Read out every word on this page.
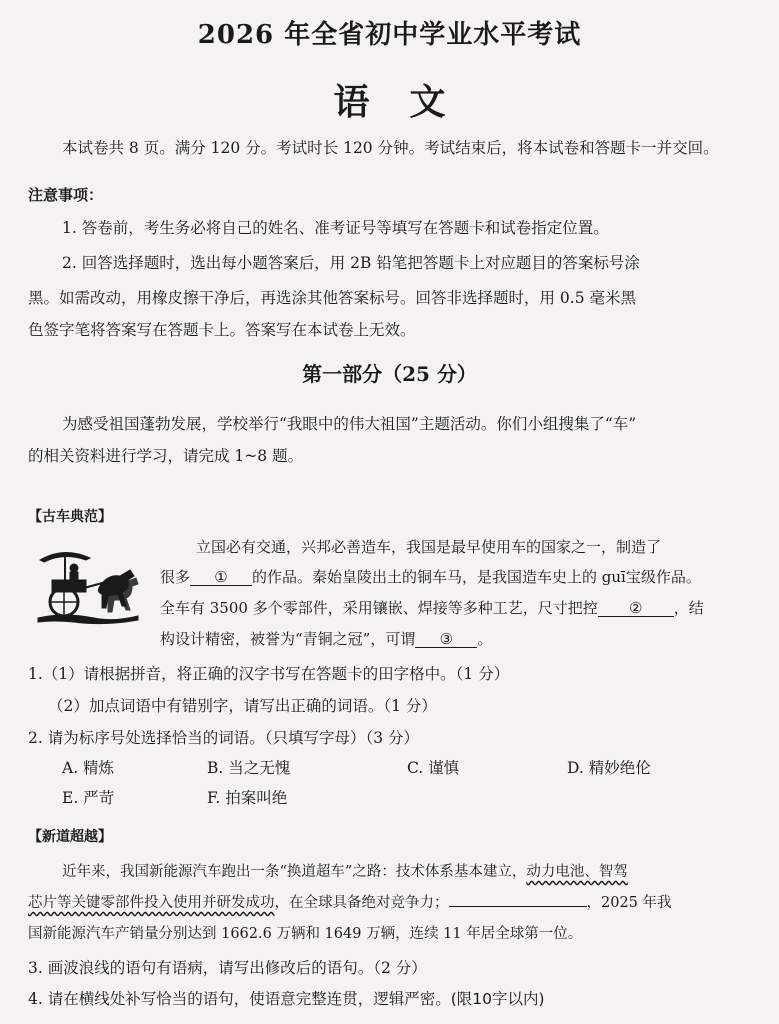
2026 年全省初中学业水平考试
语文
本试卷共 8 页。满分 120 分。考试时长 120 分钟。考试结束后，将本试卷和答题卡一并交回。
注意事项：
1. 答卷前，考生务必将自己的姓名、准考证号等填写在答题卡和试卷指定位置。
2. 回答选择题时，选出每小题答案后，用 2B 铅笔把答题卡上对应题目的答案标号涂
黑。如需改动，用橡皮擦干净后，再选涂其他答案标号。回答非选择题时，用 0.5 毫米黑
色签字笔将答案写在答题卡上。答案写在本试卷上无效。
第一部分（25 分）
为感受祖国蓬勃发展，学校举行“我眼中的伟大祖国”主题活动。你们小组搜集了“车”
的相关资料进行学习，请完成 1~8 题。
【古车典范】
立国必有交通，兴邦必善造车，我国是最早使用车的国家之一，制造了
很多 ① 的作品。秦始皇陵出土的铜车马，是我国造车史上的 guī宝级作品。
全车有 3500 多个零部件，采用镶嵌、焊接等多种工艺，尺寸把控 ② ，结
构设计精密，被誉为“青铜之冠”，可谓 ③ 。
1.（1）请根据拼音，将正确的汉字书写在答题卡的田字格中。（1 分）
（2）加点词语中有错别字，请写出正确的词语。（1 分）
2. 请为标序号处选择恰当的词语。（只填写字母）（3 分）
A. 精炼	B. 当之无愧	C. 谨慎	D. 精妙绝伦
E. 严苛	F. 拍案叫绝
【新道超越】
近年来，我国新能源汽车跑出一条“换道超车”之路：技术体系基本建立，动力电池、智驾
芯片等关键零部件投入使用并研发成功，在全球具备绝对竞争力；	，2025 年我
国新能源汽车产销量分别达到 1662.6 万辆和 1649 万辆，连续 11 年居全球第一位。
3. 画波浪线的语句有语病，请写出修改后的语句。（2 分）
4. 请在横线处补写恰当的语句，使语意完整连贯，逻辑严密。(限10字以内)
